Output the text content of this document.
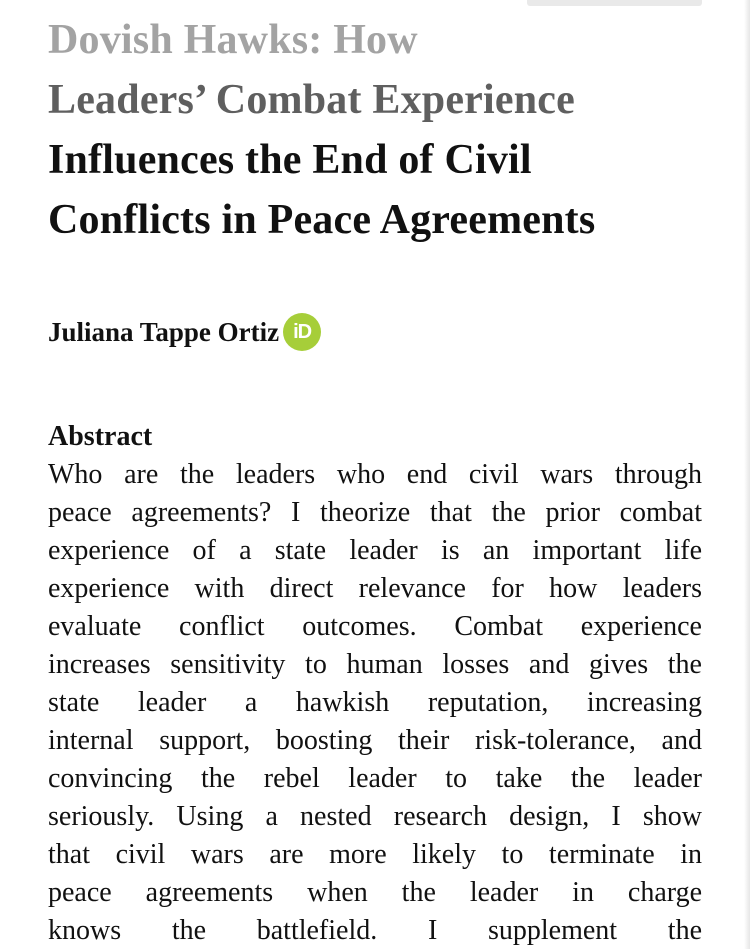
Dovish Hawks: How
Leaders’ Combat Experience
Influences the End of Civil
Conflicts in Peace Agreements
Juliana Tappe Ortiz iD
Abstract
Who are the leaders who end civil wars through
peace agreements? I theorize that the prior combat
experience of a state leader is an important life
experience with direct relevance for how leaders
evaluate conflict outcomes. Combat experience
increases sensitivity to human losses and gives the
state leader a hawkish reputation, increasing
internal support, boosting their risk-tolerance, and
convincing the rebel leader to take the leader
seriously. Using a nested research design, I show
that civil wars are more likely to terminate in
peace agreements when the leader in charge
knows the battlefield. I supplement the
